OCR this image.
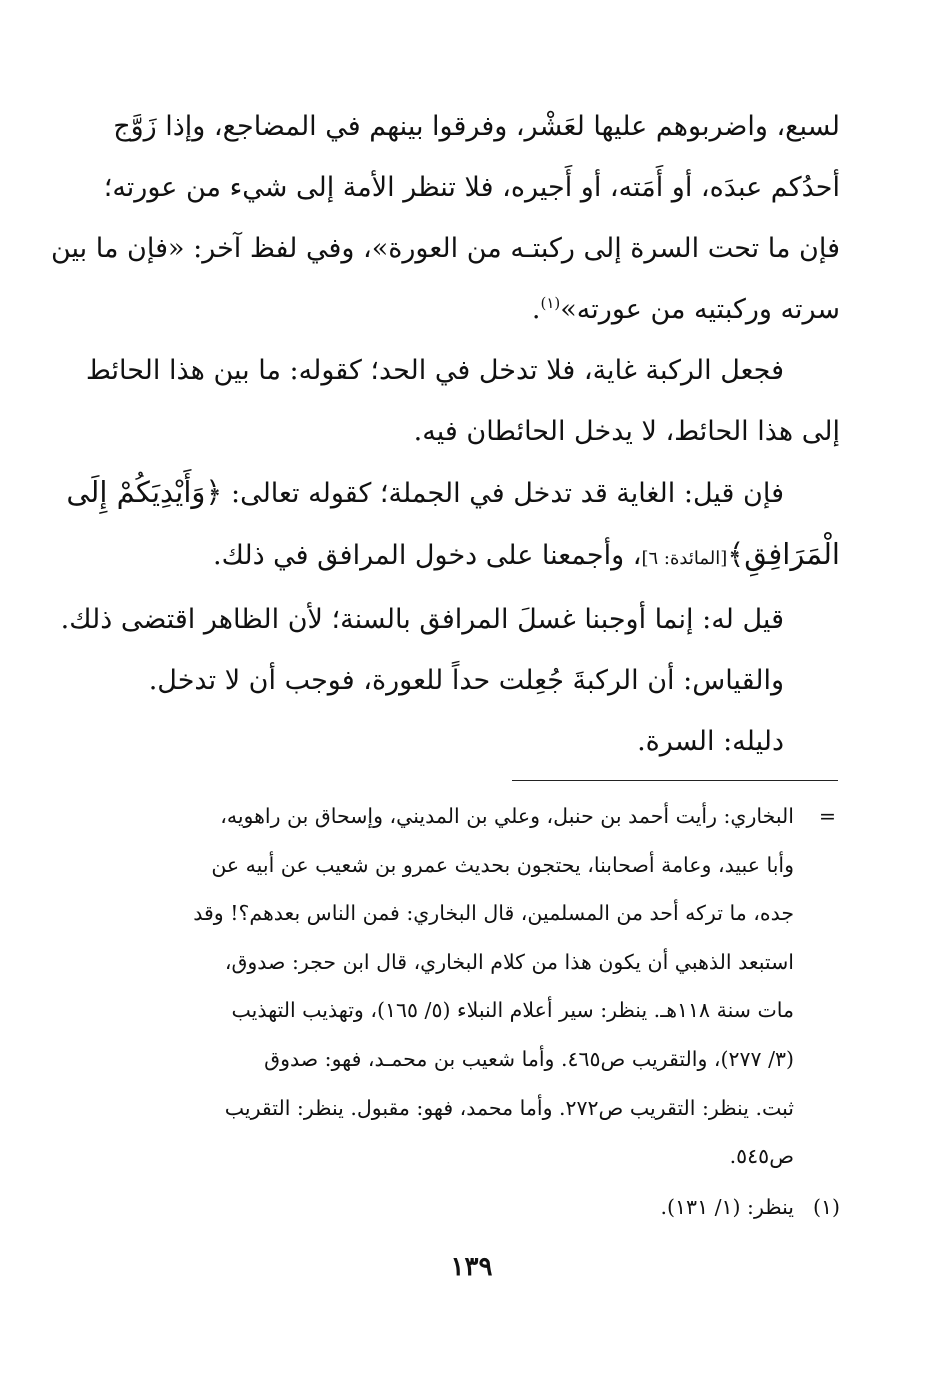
لسبع، واضربوهم عليها لعَشْر، وفرقوا بينهم في المضاجع، وإذا زَوَّج
أحدُكم عبدَه، أو أَمَته، أو أَجيره، فلا تنظر الأمة إلى شيء من عورته؛
فإن ما تحت السرة إلى ركبتـه من العورة»، وفي لفظ آخر: «فإن ما بين
سرته وركبتيه من عورته»$^{(١)}$.

فجعل الركبة غاية، فلا تدخل في الحد؛ كقوله: ما بين هذا الحائط
إلى هذا الحائط، لا يدخل الحائطان فيه.

فإن قيل: الغاية قد تدخل في الجملة؛ كقوله تعالى: ﴿وَأَيْدِيَكُمْ إِلَى
الْمَرَافِقِ﴾[المائدة: ٦]، وأجمعنا على دخول المرافق في ذلك.

قيل له: إنما أوجبنا غسلَ المرافق بالسنة؛ لأن الظاهر اقتضى ذلك.

والقياس: أن الركبةَ جُعِلت حداً للعورة، فوجب أن لا تدخل.

دليله: السرة.

=
البخاري: رأيت أحمد بن حنبل، وعلي بن المديني، وإسحاق بن راهويه،
وأبا عبيد، وعامة أصحابنا، يحتجون بحديث عمرو بن شعيب عن أبيه عن
جده، ما تركه أحد من المسلمين، قال البخاري: فمن الناس بعدهم؟! وقد
استبعد الذهبي أن يكون هذا من كلام البخاري، قال ابن حجر: صدوق،
مات سنة ١١٨هـ. ينظر: سير أعلام النبلاء (٥/ ١٦٥)، وتهذيب التهذيب
(٣/ ٢٧٧)، والتقريب ص٤٦٥. وأما شعيب بن محمـد، فهو: صدوق
ثبت. ينظر: التقريب ص٢٧٢. وأما محمد، فهو: مقبول. ينظر: التقريب
ص٥٤٥.
(١)
ينظر: (١/ ١٣١).
١٣٩
